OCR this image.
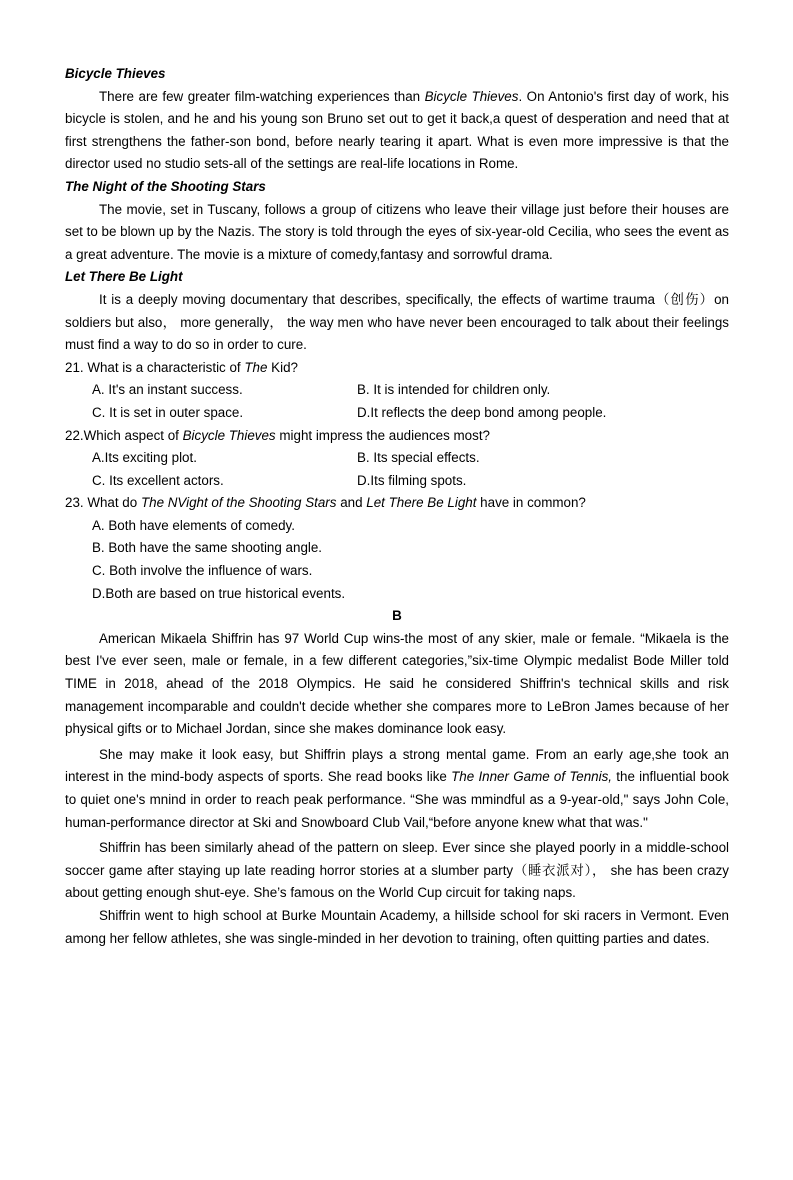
Bicycle Thieves

There are few greater film-watching experiences than Bicycle Thieves. On Antonio's first day of work, his bicycle is stolen, and he and his young son Bruno set out to get it back,a quest of desperation and need that at first strengthens the father-son bond, before nearly tearing it apart. What is even more impressive is that the director used no studio sets-all of the settings are real-life locations in Rome.

The Night of the Shooting Stars

The movie, set in Tuscany, follows a group of citizens who leave their village just before their houses are set to be blown up by the Nazis. The story is told through the eyes of six-year-old Cecilia, who sees the event as a great adventure. The movie is a mixture of comedy,fantasy and sorrowful drama.

Let There Be Light

It is a deeply moving documentary that describes, specifically, the effects of wartime trauma（创伤）on soldiers but also， more generally， the way men who have never been encouraged to talk about their feelings must find a way to do so in order to cure.

21. What is a characteristic of The Kid?

A. It's an instant success.	B. It is intended for children only.
C. It is set in outer space.	D.It reflects the deep bond among people.

22.Which aspect of Bicycle Thieves might impress the audiences most?

A.Its exciting plot.	B. Its special effects.
C. Its excellent actors.	D.Its filming spots.

23. What do The NVight of the Shooting Stars and Let There Be Light have in common?

A. Both have elements of comedy.

B. Both have the same shooting angle.

C. Both involve the influence of wars.

D.Both are based on true historical events.

B

American Mikaela Shiffrin has 97 World Cup wins-the most of any skier, male or female. “Mikaela is the best I've ever seen, male or female, in a few different categories,”six-time Olympic medalist Bode Miller told TIME in 2018, ahead of the 2018 Olympics. He said he considered Shiffrin's technical skills and risk management incomparable and couldn't decide whether she compares more to LeBron James because of her physical gifts or to Michael Jordan, since she makes dominance look easy.

She may make it look easy, but Shiffrin plays a strong mental game. From an early age,she took an interest in the mind-body aspects of sports. She read books like The Inner Game of Tennis, the influential book to quiet one's mnind in order to reach peak performance. “She was mmindful as a 9-year-old," says John Cole, human-performance director at Ski and Snowboard Club Vail,“before anyone knew what that was."

Shiffrin has been similarly ahead of the pattern on sleep. Ever since she played poorly in a middle-school soccer game after staying up late reading horror stories at a slumber party（睡衣派对）， she has been crazy about getting enough shut-eye. She’s famous on the World Cup circuit for taking naps.

Shiffrin went to high school at Burke Mountain Academy, a hillside school for ski racers in Vermont. Even among her fellow athletes, she was single-minded in her devotion to training, often quitting parties and dates.
